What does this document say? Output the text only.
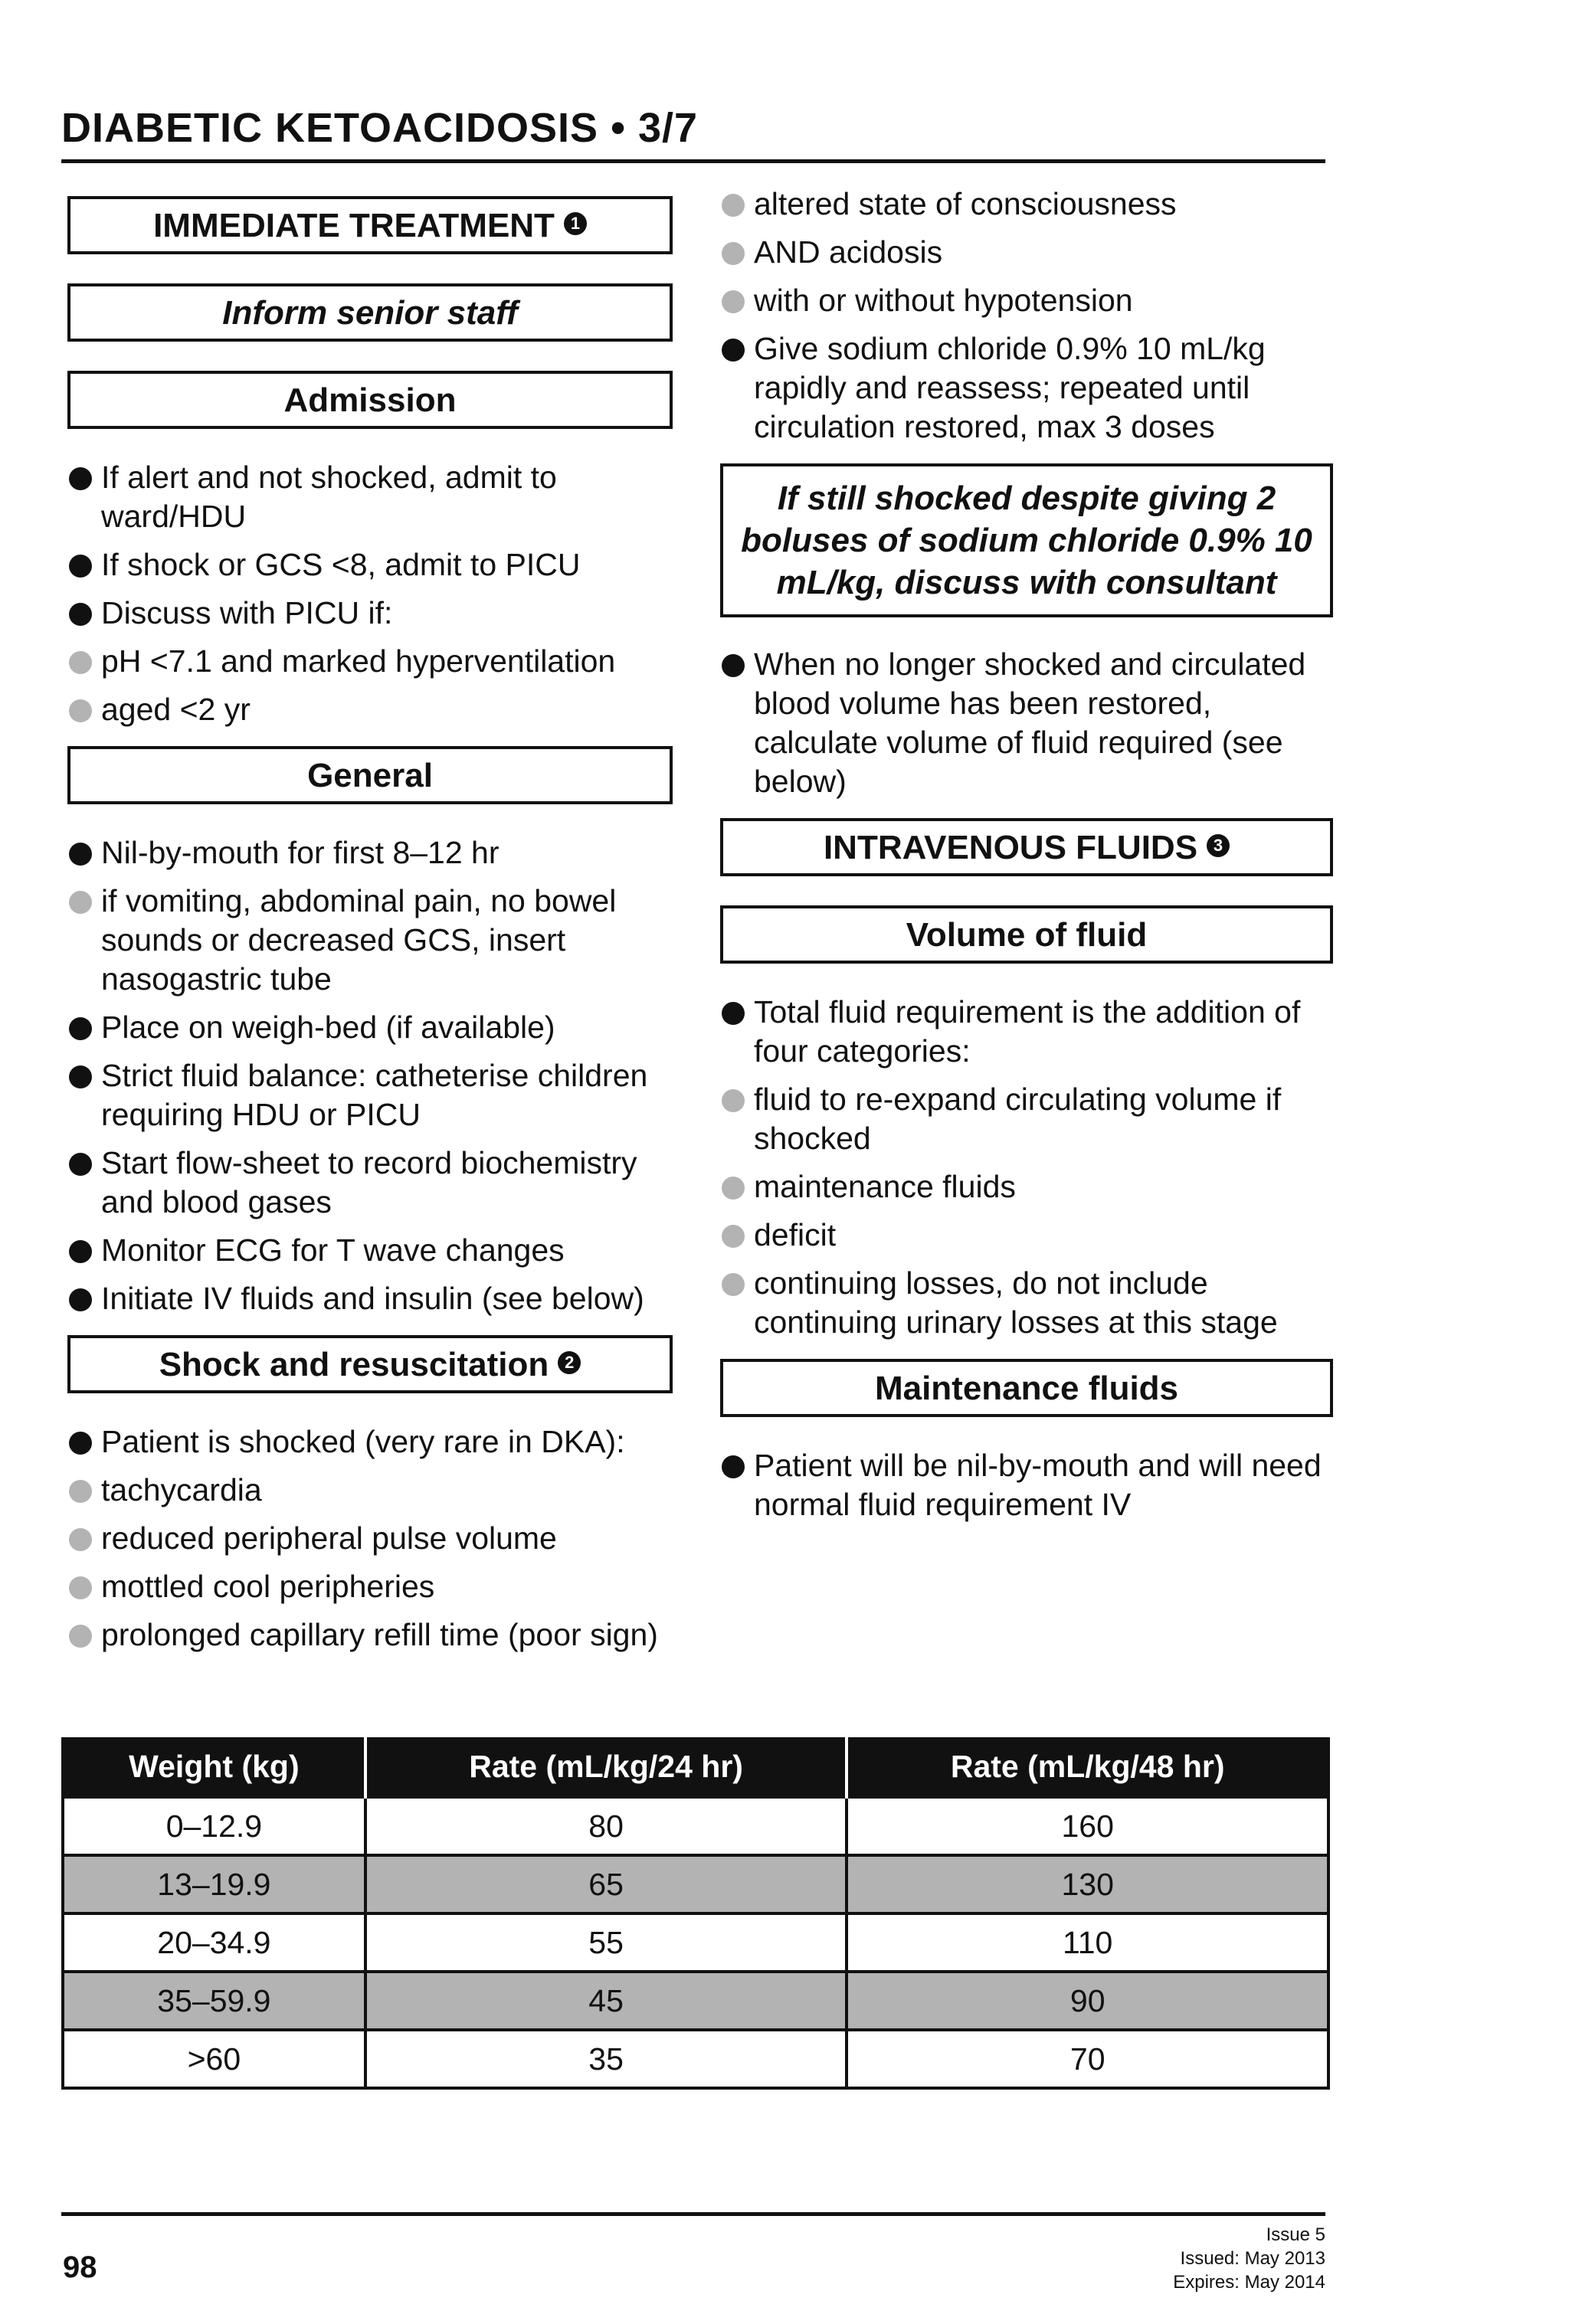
DIABETIC KETOACIDOSIS • 3/7
IMMEDIATE TREATMENT 1
Inform senior staff
Admission
If alert and not shocked, admit to ward/HDU
If shock or GCS <8, admit to PICU
Discuss with PICU if:
pH <7.1 and marked hyperventilation
aged <2 yr
General
Nil-by-mouth for first 8–12 hr
if vomiting, abdominal pain, no bowel sounds or decreased GCS, insert nasogastric tube
Place on weigh-bed (if available)
Strict fluid balance: catheterise children requiring HDU or PICU
Start flow-sheet to record biochemistry and blood gases
Monitor ECG for T wave changes
Initiate IV fluids and insulin (see below)
Shock and resuscitation 2
Patient is shocked (very rare in DKA):
tachycardia
reduced peripheral pulse volume
mottled cool peripheries
prolonged capillary refill time (poor sign)
altered state of consciousness
AND acidosis
with or without hypotension
Give sodium chloride 0.9% 10 mL/kg rapidly and reassess; repeated until circulation restored, max 3 doses
If still shocked despite giving 2 boluses of sodium chloride 0.9% 10 mL/kg, discuss with consultant
When no longer shocked and circulated blood volume has been restored, calculate volume of fluid required (see below)
INTRAVENOUS FLUIDS 3
Volume of fluid
Total fluid requirement is the addition of four categories:
fluid to re-expand circulating volume if shocked
maintenance fluids
deficit
continuing losses, do not include continuing urinary losses at this stage
Maintenance fluids
Patient will be nil-by-mouth and will need normal fluid requirement IV
Weight (kg)	Rate (mL/kg/24 hr)	Rate (mL/kg/48 hr)
0–12.9	80	160
13–19.9	65	130
20–34.9	55	110
35–59.9	45	90
>60	35	70
98
Issue 5
Issued: May 2013
Expires: May 2014
